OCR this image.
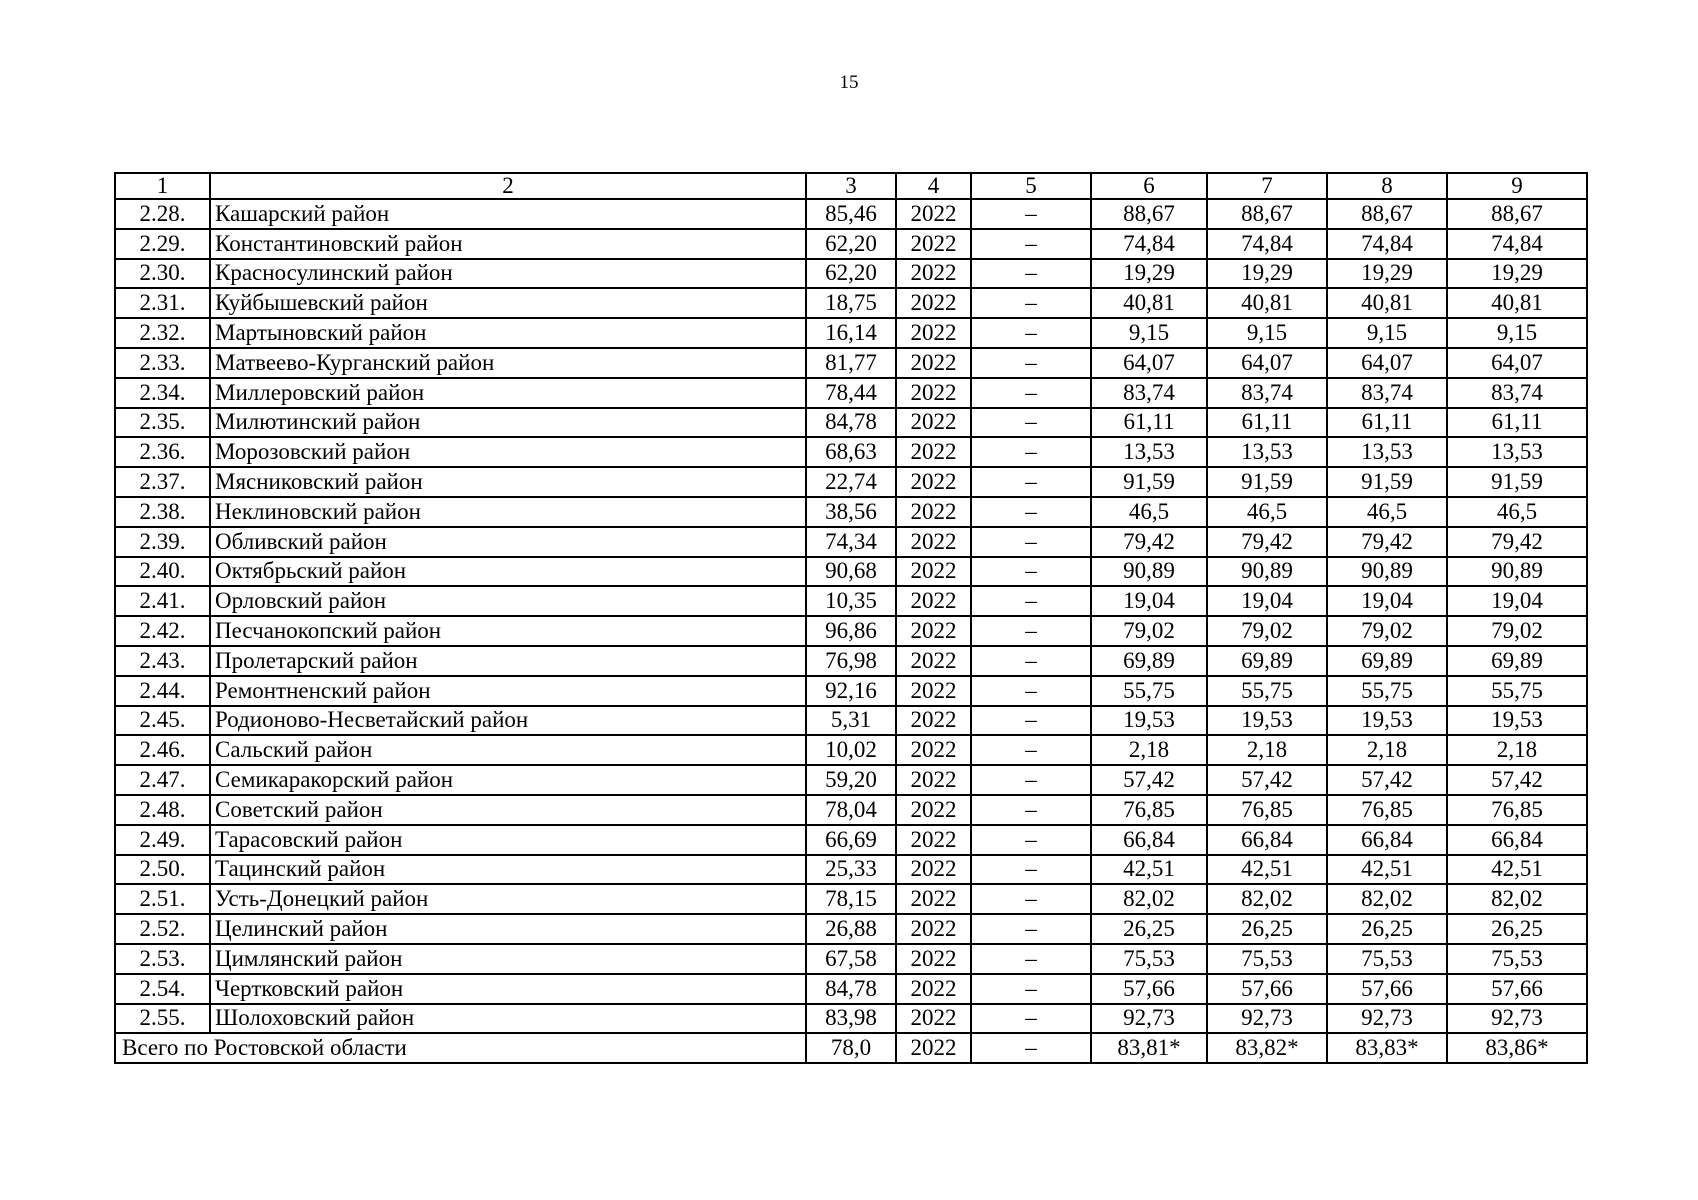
15
1	2	3	4	5	6	7	8	9
2.28.	Кашарский район	85,46	2022	–	88,67	88,67	88,67	88,67
2.29.	Константиновский район	62,20	2022	–	74,84	74,84	74,84	74,84
2.30.	Красносулинский район	62,20	2022	–	19,29	19,29	19,29	19,29
2.31.	Куйбышевский район	18,75	2022	–	40,81	40,81	40,81	40,81
2.32.	Мартыновский район	16,14	2022	–	9,15	9,15	9,15	9,15
2.33.	Матвеево-Курганский район	81,77	2022	–	64,07	64,07	64,07	64,07
2.34.	Миллеровский район	78,44	2022	–	83,74	83,74	83,74	83,74
2.35.	Милютинский район	84,78	2022	–	61,11	61,11	61,11	61,11
2.36.	Морозовский район	68,63	2022	–	13,53	13,53	13,53	13,53
2.37.	Мясниковский район	22,74	2022	–	91,59	91,59	91,59	91,59
2.38.	Неклиновский район	38,56	2022	–	46,5	46,5	46,5	46,5
2.39.	Обливский район	74,34	2022	–	79,42	79,42	79,42	79,42
2.40.	Октябрьский район	90,68	2022	–	90,89	90,89	90,89	90,89
2.41.	Орловский район	10,35	2022	–	19,04	19,04	19,04	19,04
2.42.	Песчанокопский район	96,86	2022	–	79,02	79,02	79,02	79,02
2.43.	Пролетарский район	76,98	2022	–	69,89	69,89	69,89	69,89
2.44.	Ремонтненский район	92,16	2022	–	55,75	55,75	55,75	55,75
2.45.	Родионово-Несветайский район	5,31	2022	–	19,53	19,53	19,53	19,53
2.46.	Сальский район	10,02	2022	–	2,18	2,18	2,18	2,18
2.47.	Семикаракорский район	59,20	2022	–	57,42	57,42	57,42	57,42
2.48.	Советский район	78,04	2022	–	76,85	76,85	76,85	76,85
2.49.	Тарасовский район	66,69	2022	–	66,84	66,84	66,84	66,84
2.50.	Тацинский район	25,33	2022	–	42,51	42,51	42,51	42,51
2.51.	Усть-Донецкий район	78,15	2022	–	82,02	82,02	82,02	82,02
2.52.	Целинский район	26,88	2022	–	26,25	26,25	26,25	26,25
2.53.	Цимлянский район	67,58	2022	–	75,53	75,53	75,53	75,53
2.54.	Чертковский район	84,78	2022	–	57,66	57,66	57,66	57,66
2.55.	Шолоховский район	83,98	2022	–	92,73	92,73	92,73	92,73
Всего по Ростовской области		78,0	2022	–	83,81*	83,82*	83,83*	83,86*
